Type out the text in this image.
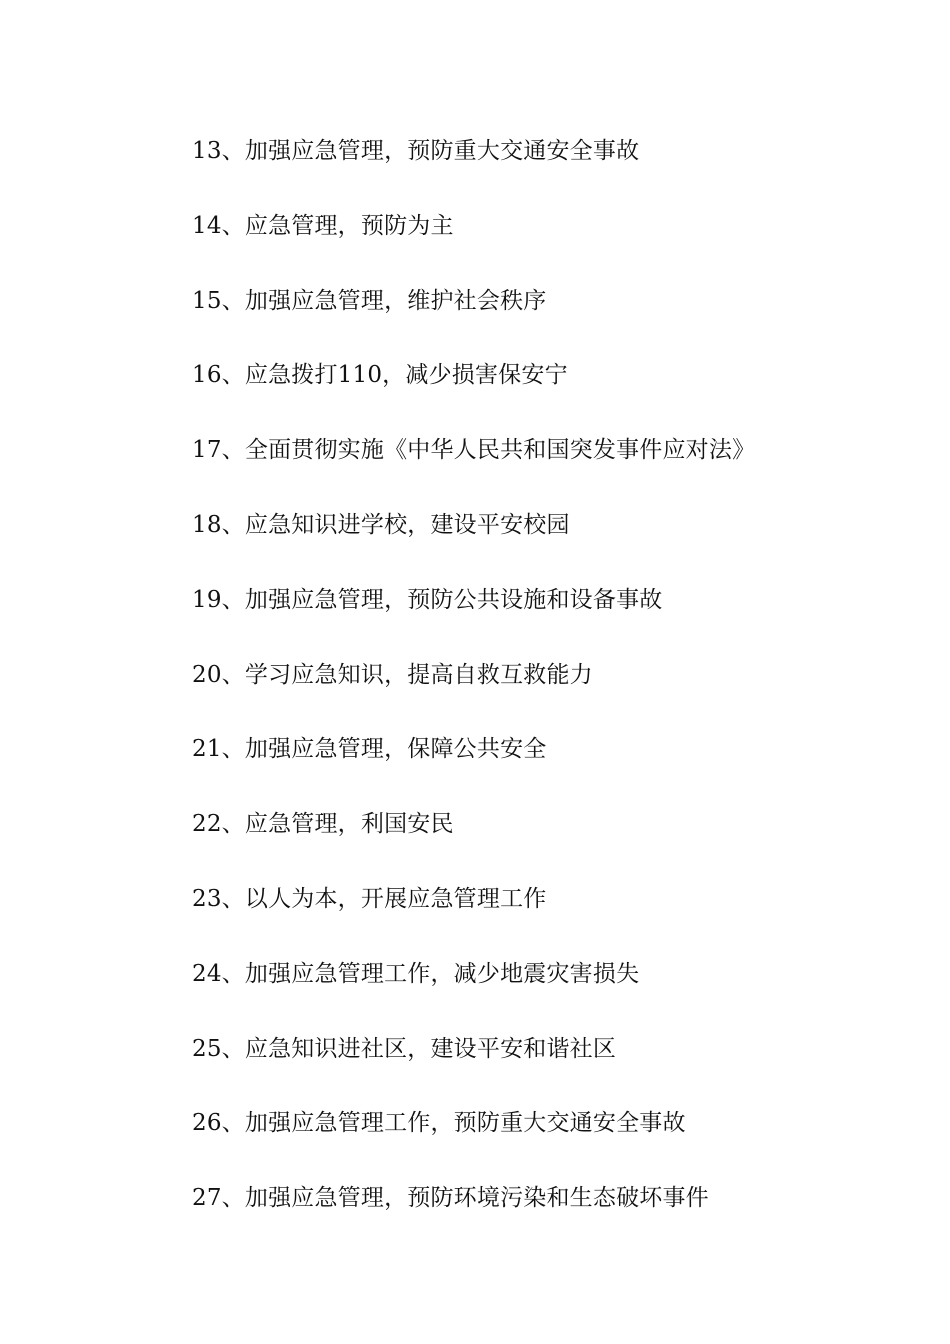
13、加强应急管理，预防重大交通安全事故
14、应急管理，预防为主
15、加强应急管理，维护社会秩序
16、应急拨打110，减少损害保安宁
17、全面贯彻实施《中华人民共和国突发事件应对法》
18、应急知识进学校，建设平安校园
19、加强应急管理，预防公共设施和设备事故
20、学习应急知识，提高自救互救能力
21、加强应急管理，保障公共安全
22、应急管理，利国安民
23、以人为本，开展应急管理工作
24、加强应急管理工作，减少地震灾害损失
25、应急知识进社区，建设平安和谐社区
26、加强应急管理工作，预防重大交通安全事故
27、加强应急管理，预防环境污染和生态破坏事件
